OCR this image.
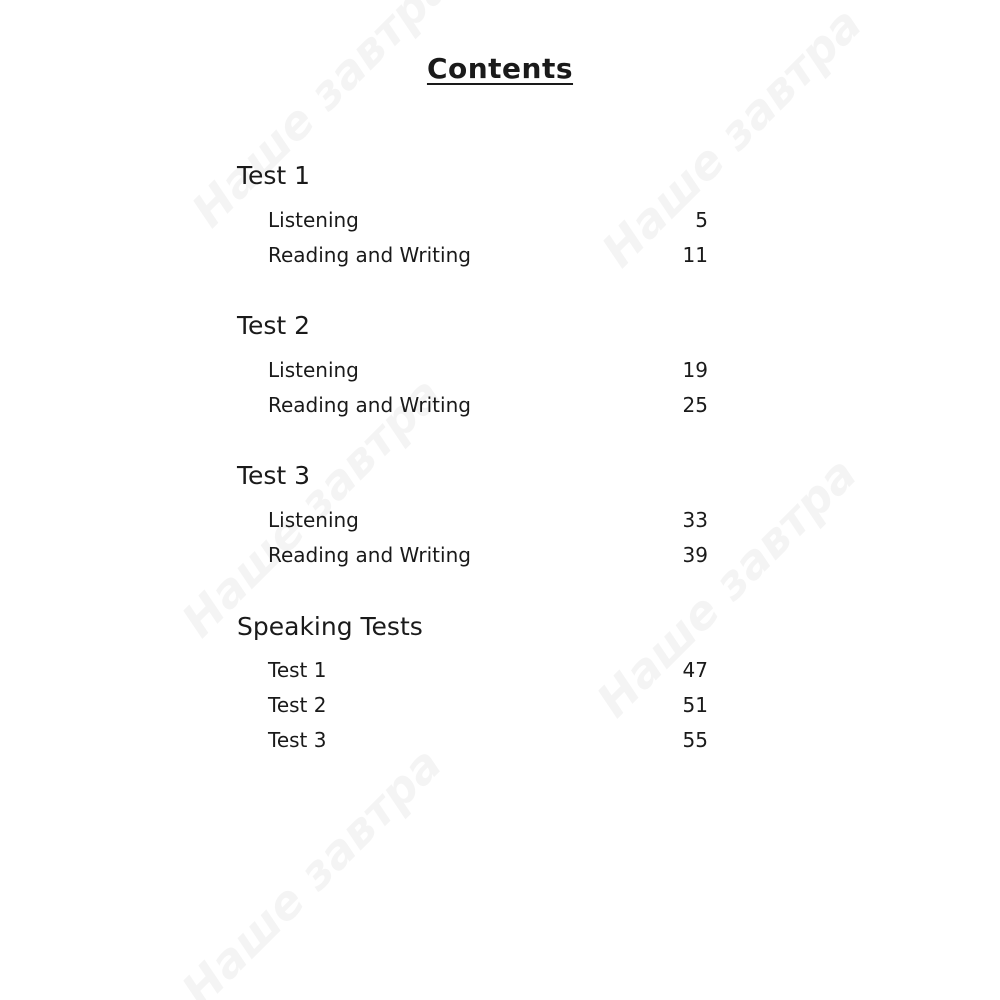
Contents
Test 1
Listening	5
Reading and Writing	11
Test 2
Listening	19
Reading and Writing	25
Test 3
Listening	33
Reading and Writing	39
Speaking Tests
Test 1	47
Test 2	51
Test 3	55
